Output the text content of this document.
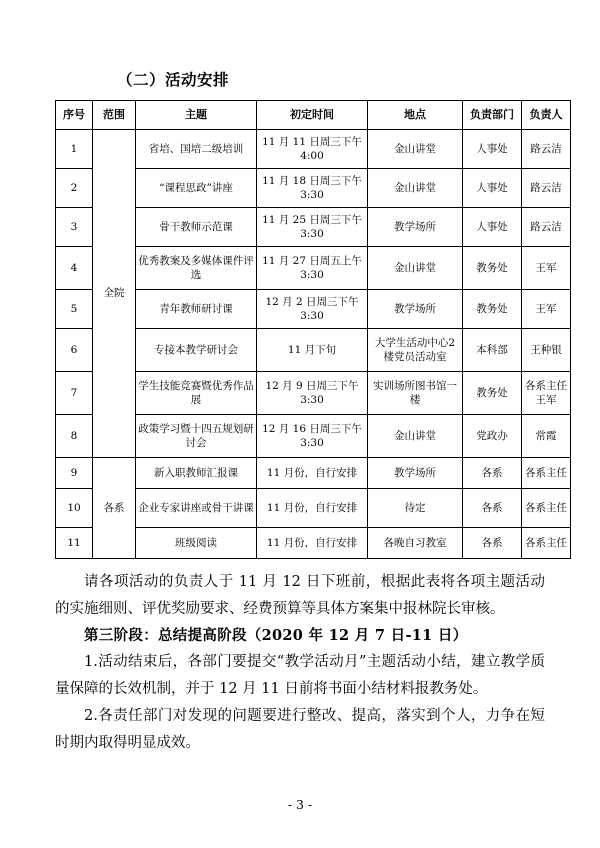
（二）活动安排
序号	范围	主题	初定时间	地点	负责部门	负责人
1	全院	省培、国培二级培训	11 月 11 日周三下午 4:00	金山讲堂	人事处	路云洁
2		“课程思政”讲座	11 月 18 日周三下午 3:30	金山讲堂	人事处	路云洁
3		骨干教师示范课	11 月 25 日周三下午 3:30	教学场所	人事处	路云洁
4		优秀教案及多媒体课件评选	11 月 27 日周五上午 3:30	金山讲堂	教务处	王军
5		青年教师研讨课	12 月 2 日周三下午 3:30	教学场所	教务处	王军
6		专接本教学研讨会	11 月下旬	大学生活动中心2 楼党员活动室	本科部	王种银
7		学生技能竞赛暨优秀作品展	12 月 9 日周三下午 3:30	实训场所图书馆一楼	教务处	各系主任王军
8		政策学习暨十四五规划研讨会	12 月 16 日周三下午 3:30	金山讲堂	党政办	常霞
9	各系	新入职教师汇报课	11 月份，自行安排	教学场所	各系	各系主任
10		企业专家讲座或骨干讲课	11 月份，自行安排	待定	各系	各系主任
11		班级阅读	11 月份，自行安排	各晚自习教室	各系	各系主任

请各项活动的负责人于 11 月 12 日下班前，根据此表将各项主题活动的实施细则、评优奖励要求、经费预算等具体方案集中报林院长审核。

第三阶段：总结提高阶段（2020 年 12 月 7 日-11 日）

1.活动结束后，各部门要提交“教学活动月”主题活动小结，建立教学质量保障的长效机制，并于 12 月 11 日前将书面小结材料报教务处。

2.各责任部门对发现的问题要进行整改、提高，落实到个人，力争在短时期内取得明显成效。

- 3 -
